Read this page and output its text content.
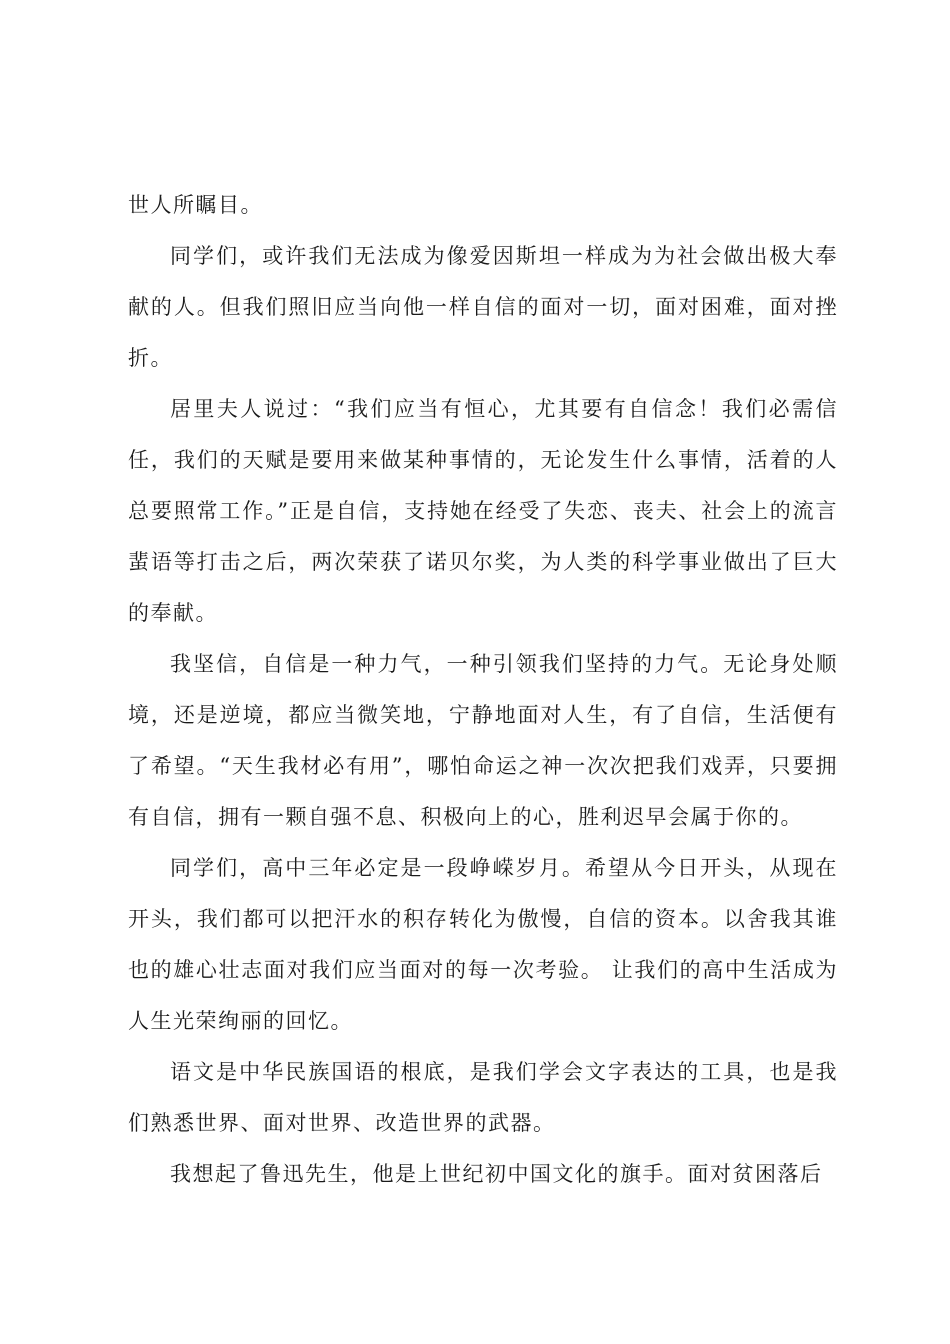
世人所瞩目。

同学们，或许我们无法成为像爱因斯坦一样成为为社会做出极大奉献的人。但我们照旧应当向他一样自信的面对一切，面对困难，面对挫折。

居里夫人说过：“我们应当有恒心，尤其要有自信念！我们必需信任，我们的天赋是要用来做某种事情的，无论发生什么事情，活着的人总要照常工作。”正是自信，支持她在经受了失恋、丧夫、社会上的流言蜚语等打击之后，两次荣获了诺贝尔奖，为人类的科学事业做出了巨大的奉献。

我坚信，自信是一种力气，一种引领我们坚持的力气。无论身处顺境，还是逆境，都应当微笑地，宁静地面对人生，有了自信，生活便有了希望。“天生我材必有用”，哪怕命运之神一次次把我们戏弄，只要拥有自信，拥有一颗自强不息、积极向上的心，胜利迟早会属于你的。

同学们，高中三年必定是一段峥嵘岁月。希望从今日开头，从现在开头，我们都可以把汗水的积存转化为傲慢，自信的资本。以舍我其谁也的雄心壮志面对我们应当面对的每一次考验。 让我们的高中生活成为人生光荣绚丽的回忆。

语文是中华民族国语的根底，是我们学会文字表达的工具，也是我们熟悉世界、面对世界、改造世界的武器。

我想起了鲁迅先生，他是上世纪初中国文化的旗手。面对贫困落后
